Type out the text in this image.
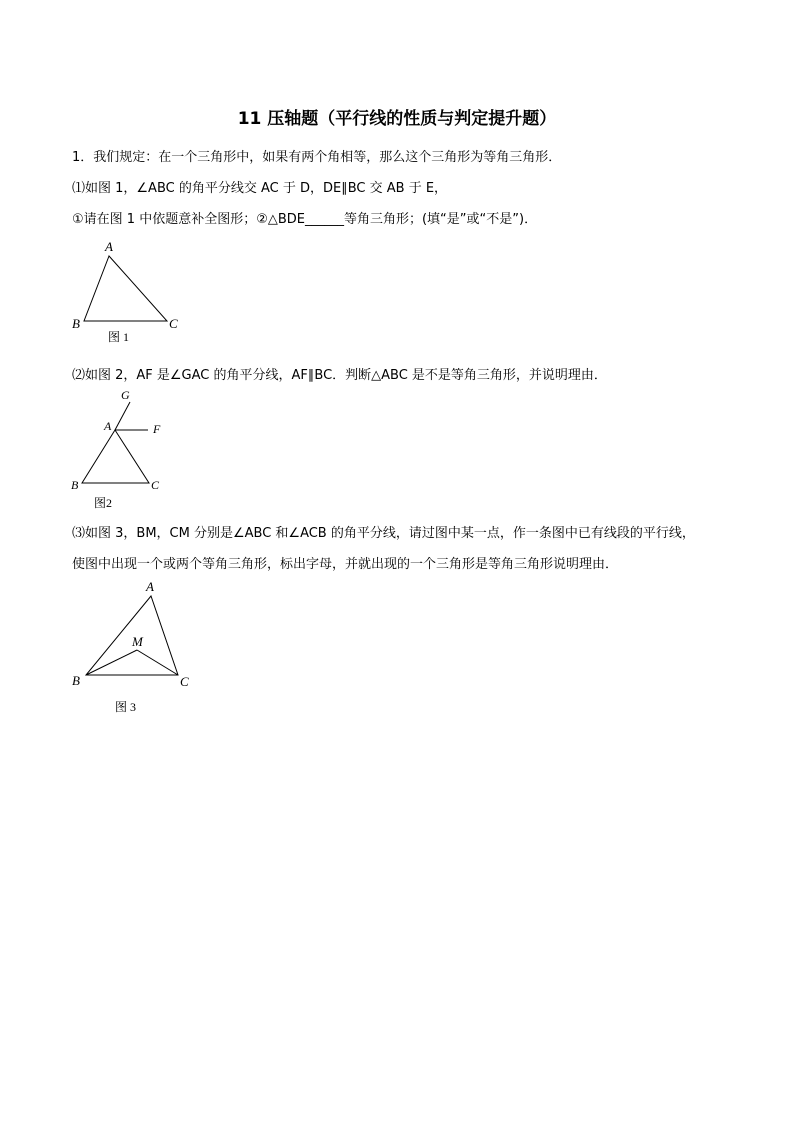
11 压轴题（平行线的性质与判定提升题）
1．我们规定：在一个三角形中，如果有两个角相等，那么这个三角形为等角三角形．
⑴如图 1，∠ABC 的角平分线交 AC 于 D，DE∥BC 交 AB 于 E，
①请在图 1 中依题意补全图形；②△BDE______等角三角形；(填“是”或“不是”)．
A
B	C
图 1
⑵如图 2，AF 是∠GAC 的角平分线，AF∥BC．判断△ABC 是不是等角三角形，并说明理由．
G
A	F
B	C
图2
⑶如图 3，BM，CM 分别是∠ABC 和∠ACB 的角平分线，请过图中某一点，作一条图中已有线段的平行线，
使图中出现一个或两个等角三角形，标出字母，并就出现的一个三角形是等角三角形说明理由．
A
M
B	C
图 3
